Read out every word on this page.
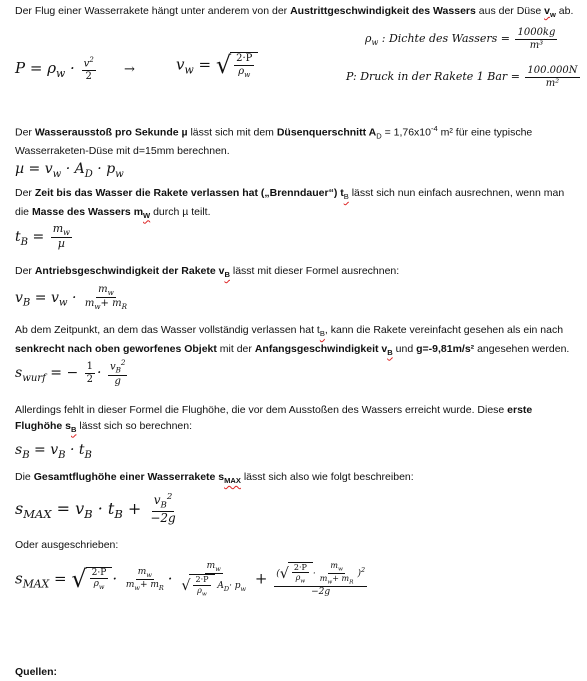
Der Flug einer Wasserrakete hängt unter anderem von der Austrittgeschwindigkeit des Wassers aus der Düse $v_w$ ab.
$P = \rho_w \cdot \frac{v^2}{2}$ →	$v_w$ = √ $\frac{2\cdot P}{\rho_w}$
$\rho_w$ : Dichte des Wassers = $\frac{1000kg}{\text{m³}}$
P: Druck in der Rakete 1 Bar = $\frac{100.000N}{\text{m²}}$
Der Wasserausstoß pro Sekunde µ lässt sich mit dem Düsenquerschnitt $A_D = 1,76x10^{-4}$ m² für eine typische Wasserraketen-Düse mit d=15mm berechnen.
$\mu = v_w \cdot A_D \cdot p_w$
Der Zeit bis das Wasser die Rakete verlassen hat („Brenndauer“) $t_B$ lässt sich nun einfach ausrechnen, wenn man die Masse des Wassers $m_W$ durch µ teilt.
$t_B = \frac{m_w}{\text{µ}}$
Der Antriebsgeschwindigkeit der Rakete $v_B$ lässt mit dieser Formel ausrechnen:
$v_B = v_w \cdot \frac{m_w}{m_w+ m_R}$
Ab dem Zeitpunkt, an dem das Wasser vollständig verlassen hat $t_B$, kann die Rakete vereinfacht gesehen als ein nach senkrecht nach oben geworfenes Objekt mit der Anfangsgeschwindigkeit $v_B$ und g=-9,81m/s² angesehen werden.
$s_{wurf}$ = − $\frac{1}{2} \cdot \frac{v_B^2}{g}$
Allerdings fehlt in dieser Formel die Flughöhe, die vor dem Ausstoßen des Wassers erreicht wurde. Diese erste Flughöhe $s_B$ lässt sich so berechnen:
$s_B = v_B \cdot t_B$
Die Gesamtflughöhe einer Wasserrakete $s_{MAX}$ lässt sich also wie folgt beschreiben:
$s_{MAX} = v_B \cdot t_B + \frac{v_B^2}{-2g}$
Oder ausgeschrieben:
$s_{MAX}$ = √ $\frac{2\cdot P}{\rho_w} \cdot \frac{m_w}{m_w+ m_R} \cdot \frac{m_w}{√ \frac{2\cdot P}{\rho_w} A_D\cdot p_w} + \frac{( √ \frac{2\cdot P}{\rho_w} \cdot \frac{m_w}{m_w+ m_R} )^2}{-2g}$
Quellen:
